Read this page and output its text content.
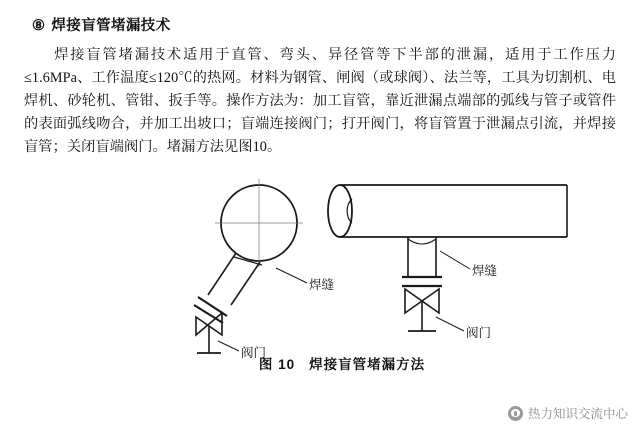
⑧ 焊接盲管堵漏技术

焊接盲管堵漏技术适用于直管、弯头、异径管等下半部的泄漏，适用于工作压力≤1.6MPa、工作温度≤120℃的热网。材料为钢管、闸阀（或球阀）、法兰等，工具为切割机、电焊机、砂轮机、管钳、扳手等。操作方法为：加工盲管，靠近泄漏点端部的弧线与管子或管件的表面弧线吻合，并加工出坡口；盲端连接阀门；打开阀门，将盲管置于泄漏点引流，并焊接盲管；关闭盲端阀门。堵漏方法见图10。

焊缝
阀门
焊缝
阀门
图 10 焊接盲管堵漏方法
热力知识交流中心
